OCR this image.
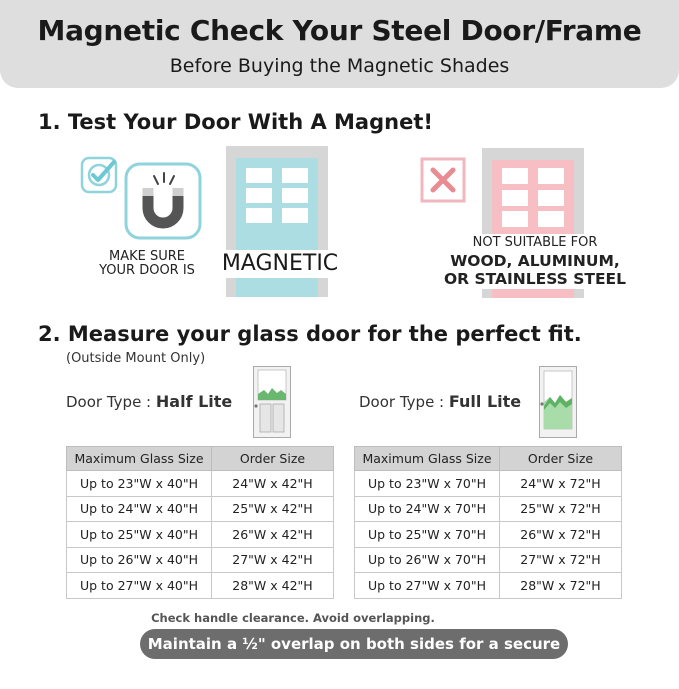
Magnetic Check Your Steel Door/Frame
Before Buying the Magnetic Shades
1. Test Your Door With A Magnet!
MAKE SURE
YOUR DOOR IS	MAGNETIC
NOT SUITABLE FOR
WOOD, ALUMINUM,
OR STAINLESS STEEL
2. Measure your glass door for the perfect fit.
(Outside Mount Only)
Door Type : Half Lite
Maximum Glass Size	Order Size
Up to 23"W x 40"H	24"W x 42"H
Up to 24"W x 40"H	25"W x 42"H
Up to 25"W x 40"H	26"W x 42"H
Up to 26"W x 40"H	27"W x 42"H
Up to 27"W x 40"H	28"W x 42"H
Door Type : Full Lite
Maximum Glass Size	Order Size
Up to 23"W x 70"H	24"W x 72"H
Up to 24"W x 70"H	25"W x 72"H
Up to 25"W x 70"H	26"W x 72"H
Up to 26"W x 70"H	27"W x 72"H
Up to 27"W x 70"H	28"W x 72"H
Check handle clearance. Avoid overlapping.
Maintain a ½" overlap on both sides for a secure fit.
